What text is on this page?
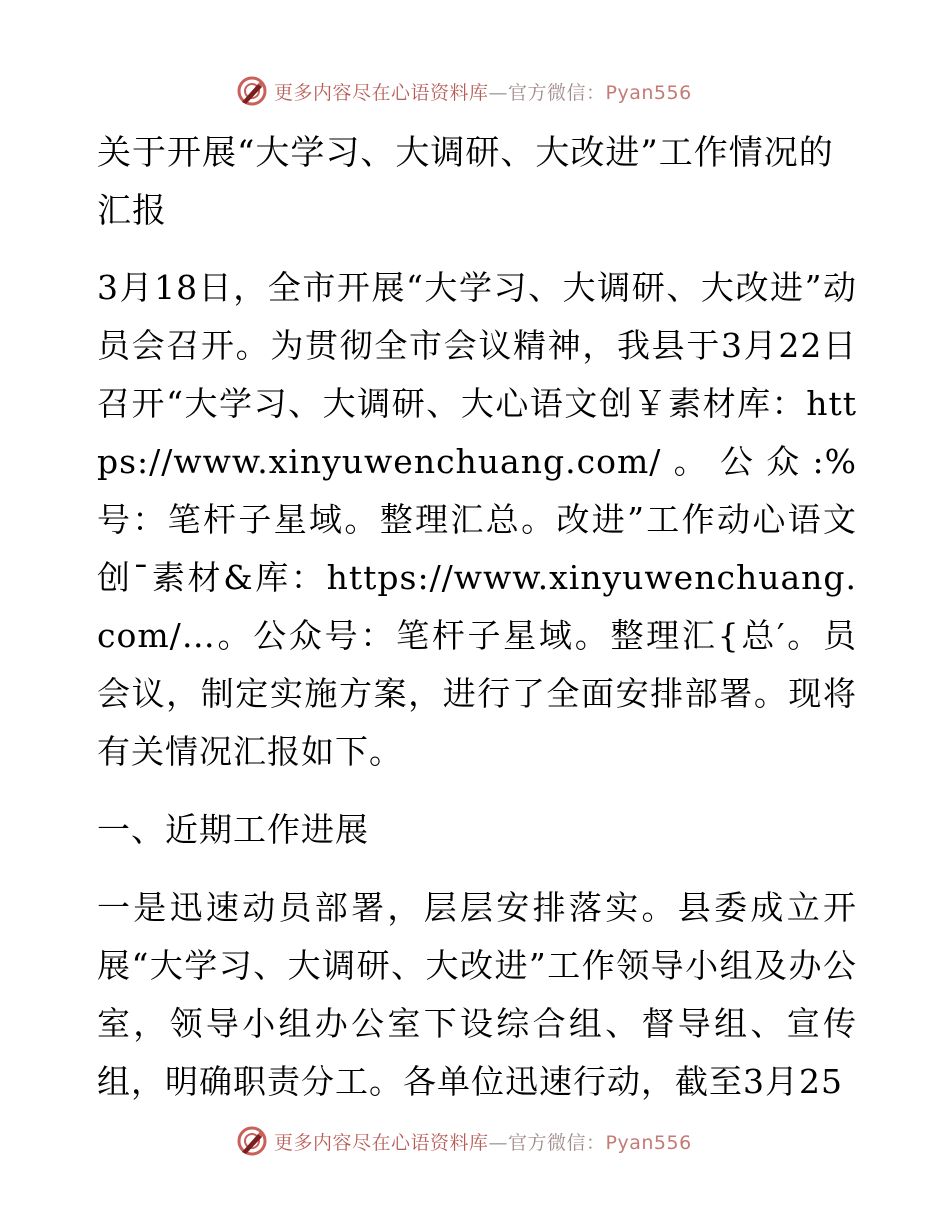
更多内容尽在心语资料库—官方微信：Pyan556
关于开展“大学习、大调研、大改进”工作情况的汇报

3月18日，全市开展“大学习、大调研、大改进”动员会召开。为贯彻全市会议精神，我县于3月22日召开“大学习、大调研、大心语文创￥素材库：https://www.xinyuwenchuang.com/。公众:%号：笔杆子星域。整理汇总。改进”工作动心语文创¯素材&库：https://www.xinyuwenchuang.com/…。公众号：笔杆子星域。整理汇{总′。员会议，制定实施方案，进行了全面安排部署。现将有关情况汇报如下。

一、近期工作进展

一是迅速动员部署，层层安排落实。县委成立开展“大学习、大调研、大改进”工作领导小组及办公室，领导小组办公室下设综合组、督导组、宣传组，明确职责分工。各单位迅速行动，截至3月25

更多内容尽在心语资料库—官方微信：Pyan556
